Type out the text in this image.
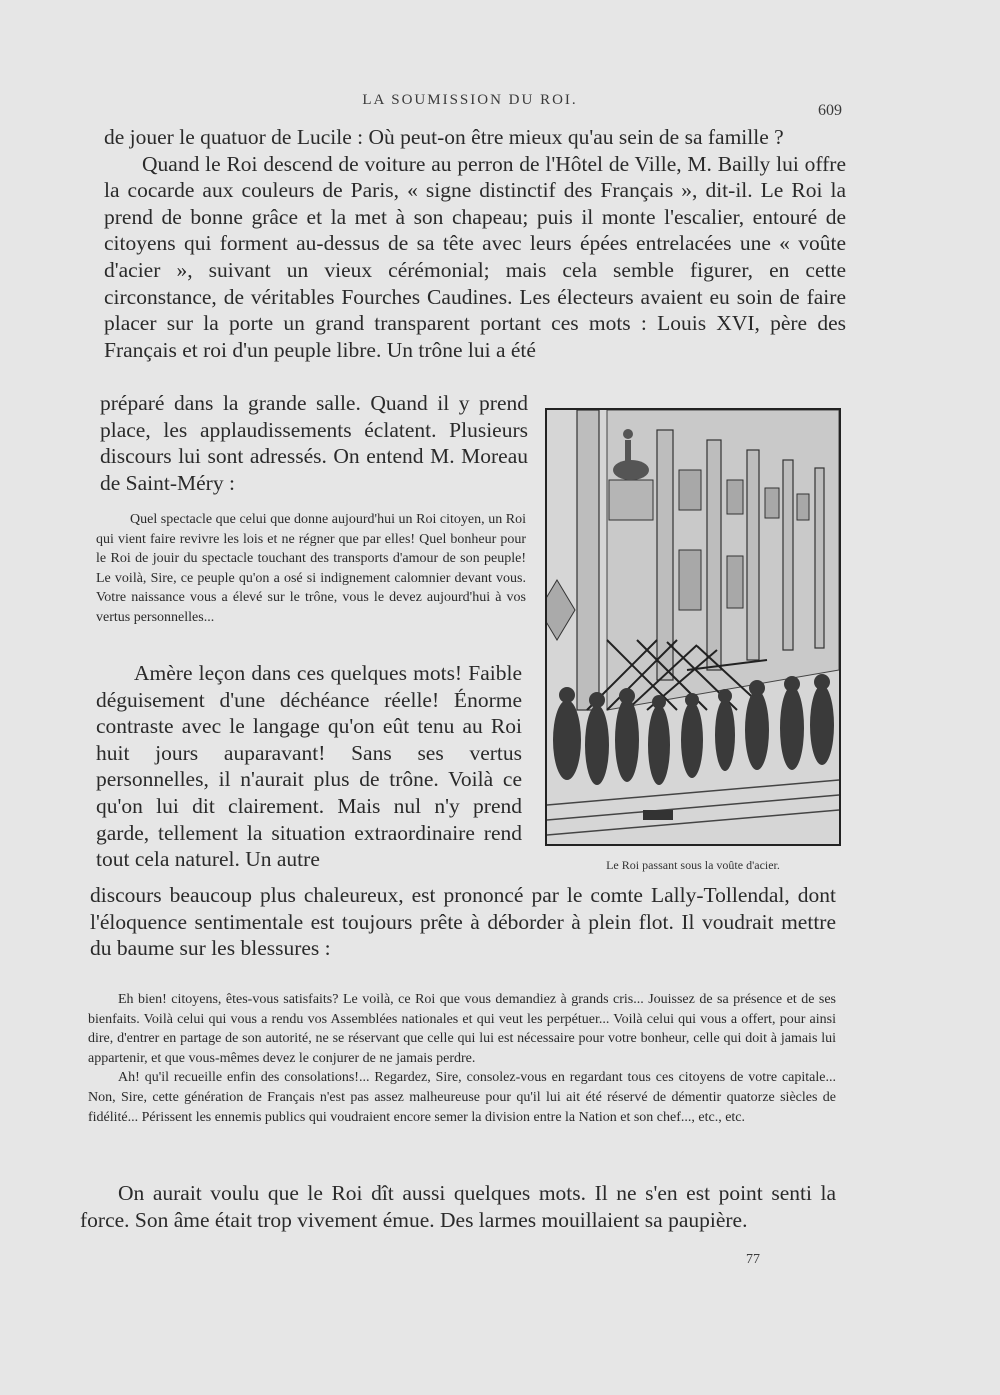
LA SOUMISSION DU ROI.
609

de jouer le quatuor de Lucile : Où peut-on être mieux qu'au sein de sa famille ?

Quand le Roi descend de voiture au perron de l'Hôtel de Ville, M. Bailly lui offre la cocarde aux couleurs de Paris, « signe distinctif des Français », dit-il. Le Roi la prend de bonne grâce et la met à son chapeau; puis il monte l'escalier, entouré de citoyens qui forment au-dessus de sa tête avec leurs épées entrelacées une « voûte d'acier », suivant un vieux cérémonial; mais cela semble figurer, en cette circonstance, de véritables Fourches Caudines. Les électeurs avaient eu soin de faire placer sur la porte un grand transparent portant ces mots : Louis XVI, père des Français et roi d'un peuple libre. Un trône lui a été

préparé dans la grande salle. Quand il y prend place, les applaudissements éclatent. Plusieurs discours lui sont adressés. On entend M. Moreau de Saint-Méry :

Quel spectacle que celui que donne aujourd'hui un Roi citoyen, un Roi qui vient faire revivre les lois et ne régner que par elles! Quel bonheur pour le Roi de jouir du spectacle touchant des transports d'amour de son peuple! Le voilà, Sire, ce peuple qu'on a osé si indignement calomnier devant vous. Votre naissance vous a élevé sur le trône, vous le devez aujourd'hui à vos vertus personnelles...

Amère leçon dans ces quelques mots! Faible déguisement d'une déchéance réelle! Énorme contraste avec le langage qu'on eût tenu au Roi huit jours auparavant! Sans ses vertus personnelles, il n'aurait plus de trône. Voilà ce qu'on lui dit clairement. Mais nul n'y prend garde, tellement la situation extraordinaire rend tout cela naturel. Un autre

discours beaucoup plus chaleureux, est prononcé par le comte Lally-Tollendal, dont l'éloquence sentimentale est toujours prête à déborder à plein flot. Il voudrait mettre du baume sur les blessures :

Eh bien! citoyens, êtes-vous satisfaits? Le voilà, ce Roi que vous demandiez à grands cris... Jouissez de sa présence et de ses bienfaits. Voilà celui qui vous a rendu vos Assemblées nationales et qui veut les perpétuer... Voilà celui qui vous a offert, pour ainsi dire, d'entrer en partage de son autorité, ne se réservant que celle qui lui est nécessaire pour votre bonheur, celle qui doit à jamais lui appartenir, et que vous-mêmes devez le conjurer de ne jamais perdre.

Ah! qu'il recueille enfin des consolations!... Regardez, Sire, consolez-vous en regardant tous ces citoyens de votre capitale... Non, Sire, cette génération de Français n'est pas assez malheureuse pour qu'il lui ait été réservé de démentir quatorze siècles de fidélité... Périssent les ennemis publics qui voudraient encore semer la division entre la Nation et son chef..., etc., etc.

On aurait voulu que le Roi dît aussi quelques mots. Il ne s'en est point senti la force. Son âme était trop vivement émue. Des larmes mouillaient sa paupière.

77
Le Roi passant sous la voûte d'acier.
